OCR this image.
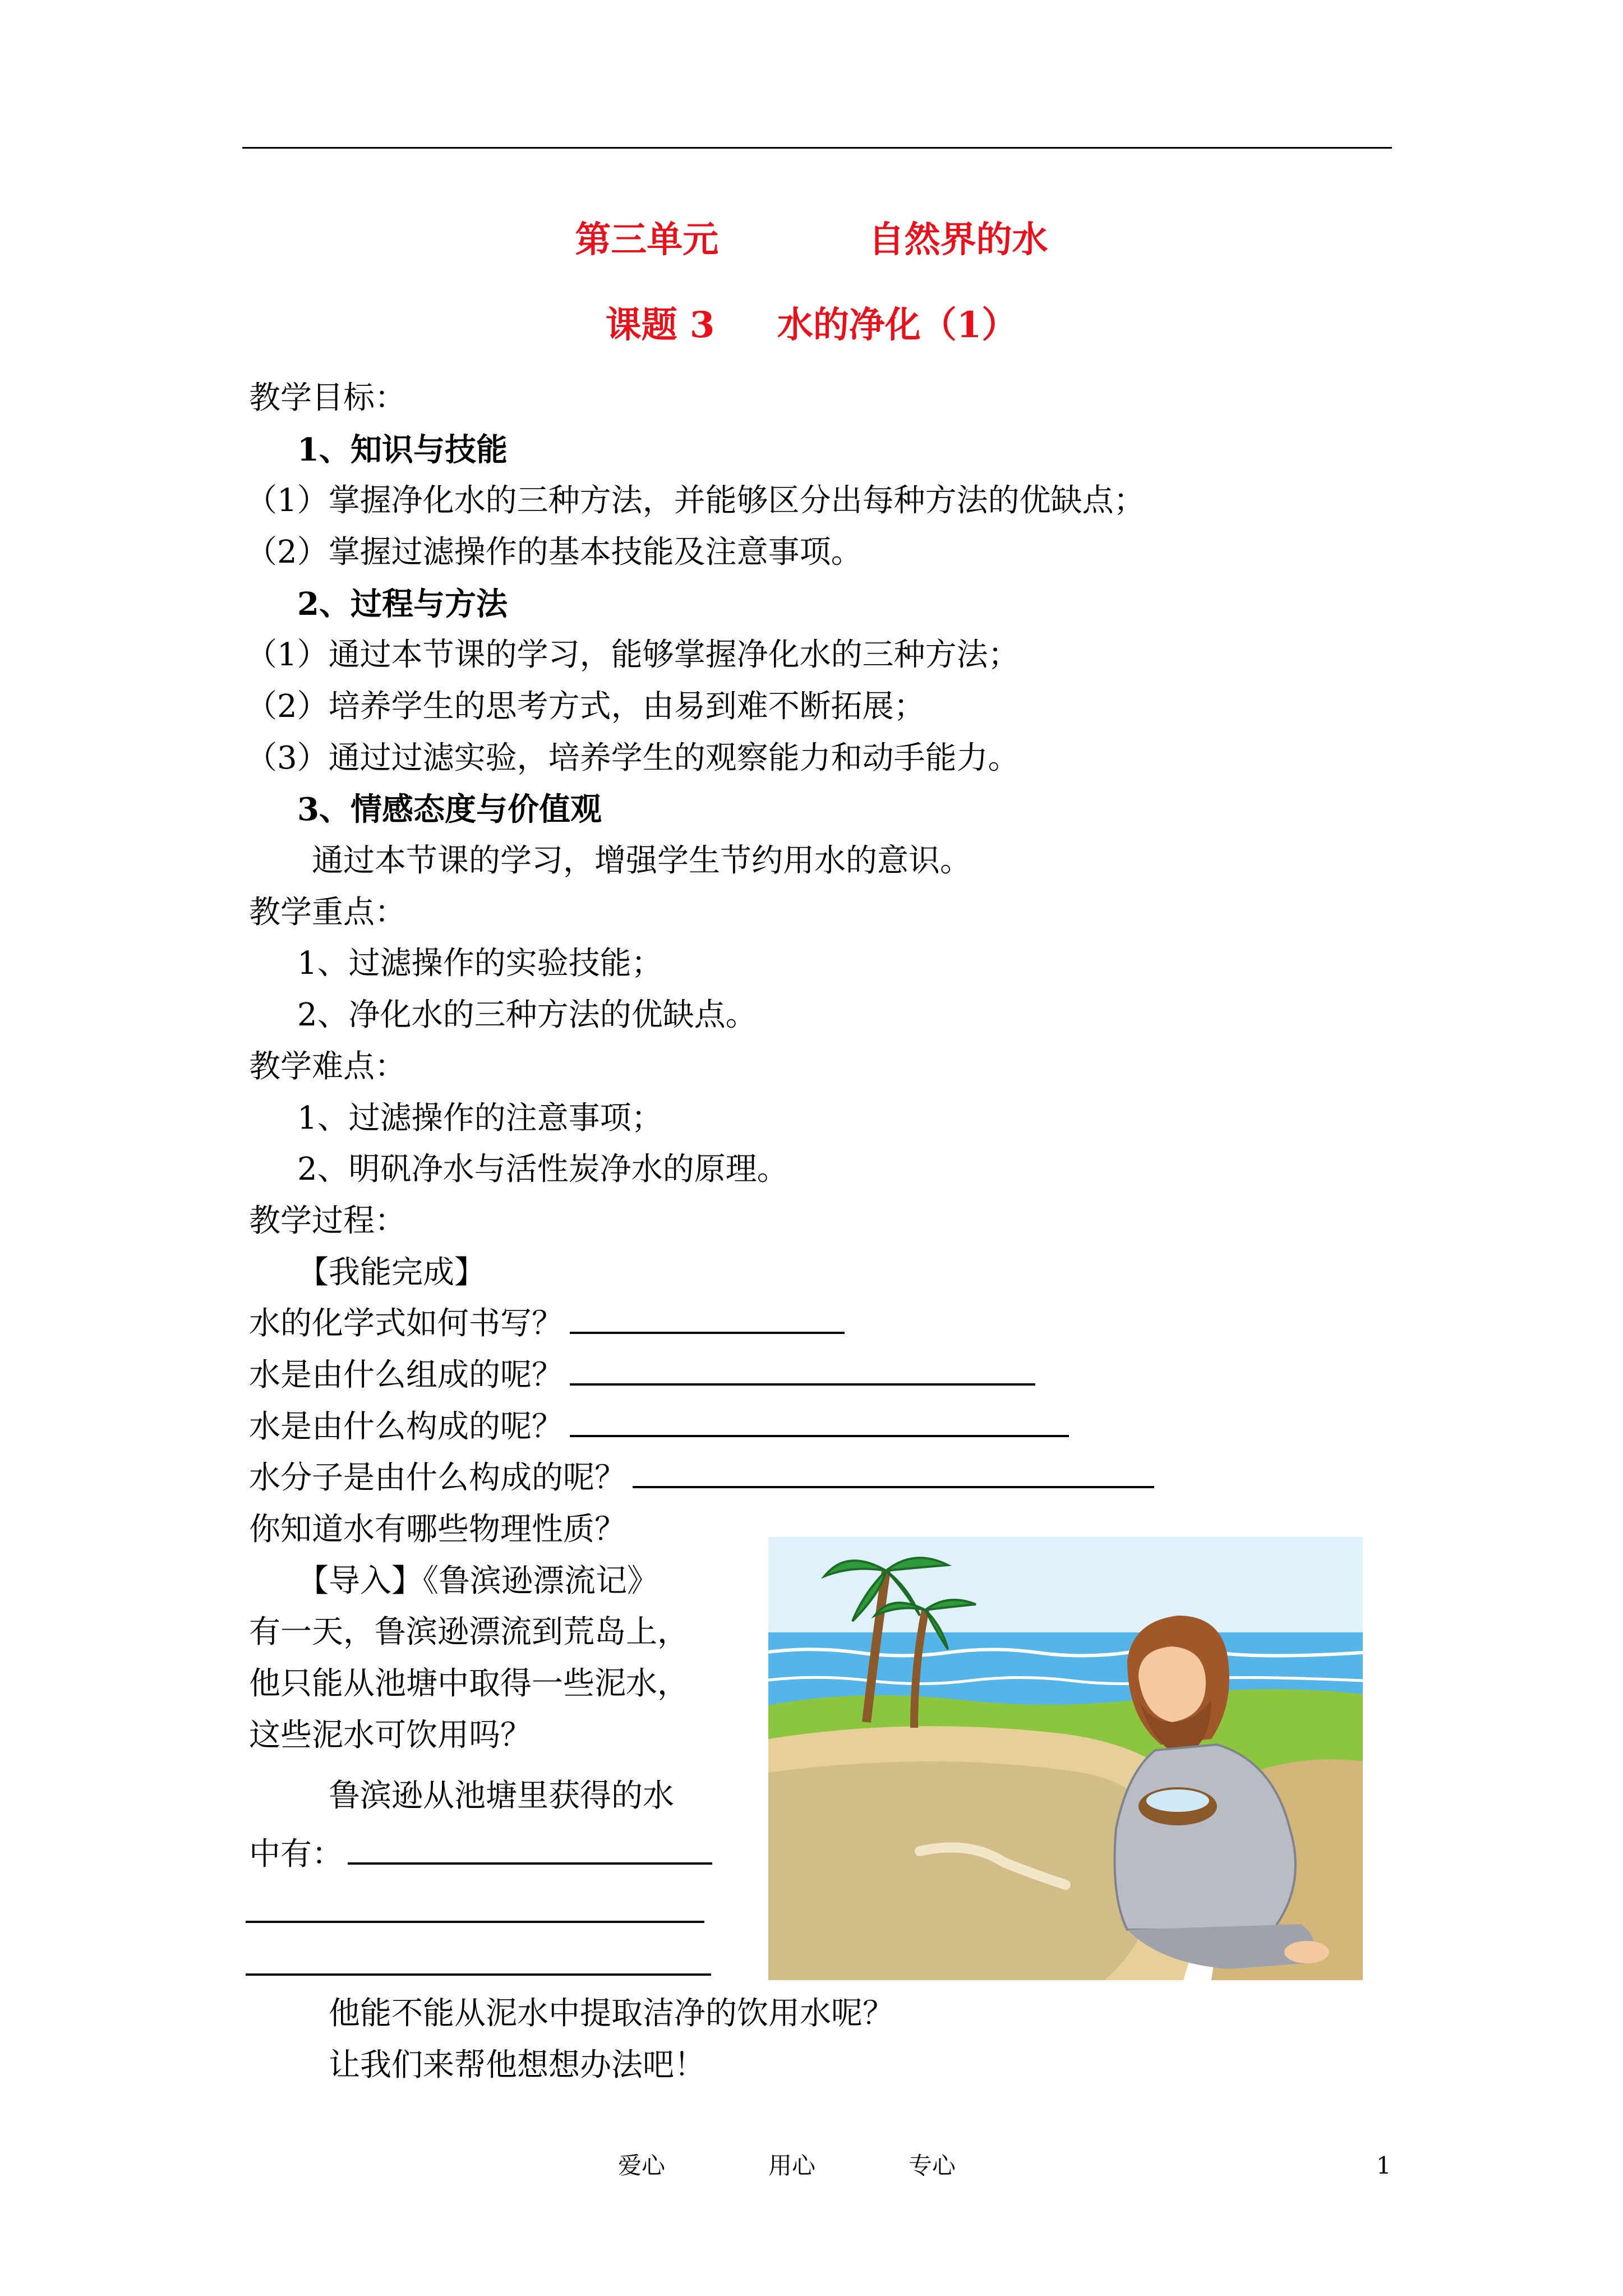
第三单元            自然界的水
课题 3     水的净化（1）
教学目标：
1、知识与技能
（1）掌握净化水的三种方法，并能够区分出每种方法的优缺点；
（2）掌握过滤操作的基本技能及注意事项。
2、过程与方法
（1）通过本节课的学习，能够掌握净化水的三种方法；
（2）培养学生的思考方式，由易到难不断拓展；
（3）通过过滤实验，培养学生的观察能力和动手能力。
3、情感态度与价值观
通过本节课的学习，增强学生节约用水的意识。
教学重点：
1、过滤操作的实验技能；
2、净化水的三种方法的优缺点。
教学难点：
1、过滤操作的注意事项；
2、明矾净水与活性炭净水的原理。
教学过程：
【我能完成】
水的化学式如何书写？
水是由什么组成的呢？
水是由什么构成的呢？
水分子是由什么构成的呢？
你知道水有哪些物理性质？
【导入】《鲁滨逊漂流记》
有一天，鲁滨逊漂流到荒岛上，
他只能从池塘中取得一些泥水，
这些泥水可饮用吗？
鲁滨逊从池塘里获得的水
中有：
他能不能从泥水中提取洁净的饮用水呢？
让我们来帮他想想办法吧！
爱心	用心	专心	1
